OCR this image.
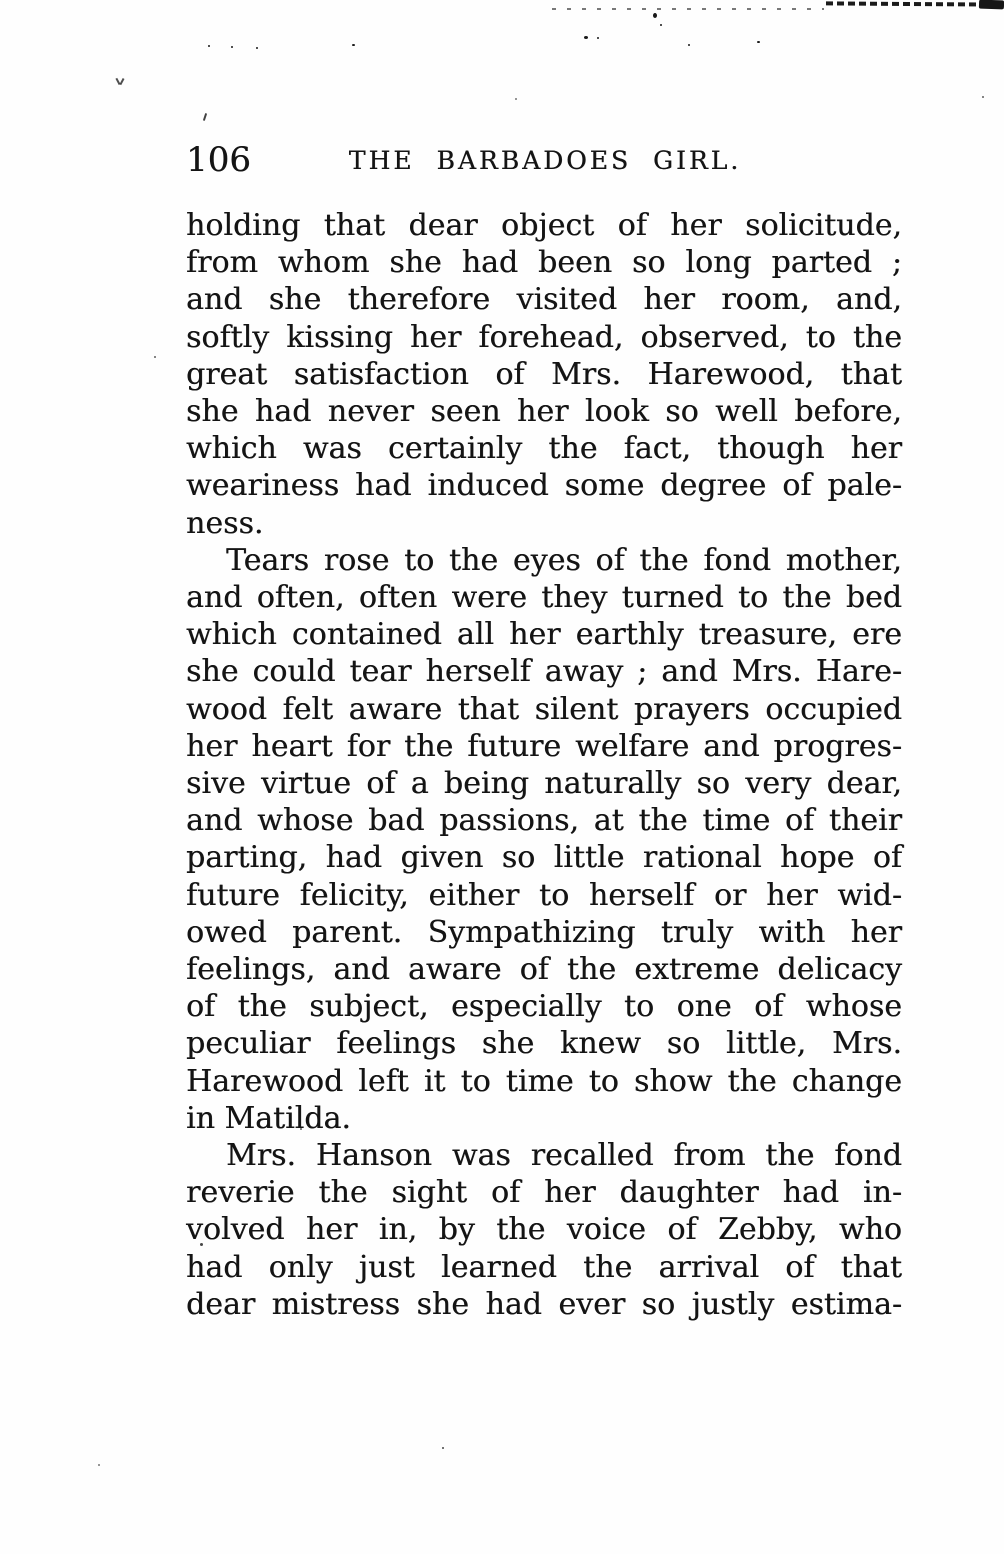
106	THE BARBADOES GIRL.
holding that dear object of her solicitude,
from whom she had been so long parted ;
and she therefore visited her room, and,
softly kissing her forehead, observed, to the
great satisfaction of Mrs. Harewood, that
she had never seen her look so well before,
which was certainly the fact, though her
weariness had induced some degree of pale-
ness.
Tears rose to the eyes of the fond mother,
and often, often were they turned to the bed
which contained all her earthly treasure, ere
she could tear herself away ; and Mrs. Hare-
wood felt aware that silent prayers occupied
her heart for the future welfare and progres-
sive virtue of a being naturally so very dear,
and whose bad passions, at the time of their
parting, had given so little rational hope of
future felicity, either to herself or her wid-
owed parent. Sympathizing truly with her
feelings, and aware of the extreme delicacy
of the subject, especially to one of whose
peculiar feelings she knew so little, Mrs.
Harewood left it to time to show the change
in Matilda.
Mrs. Hanson was recalled from the fond
reverie the sight of her daughter had in-
volved her in, by the voice of Zebby, who
had only just learned the arrival of that
dear mistress she had ever so justly estima-
